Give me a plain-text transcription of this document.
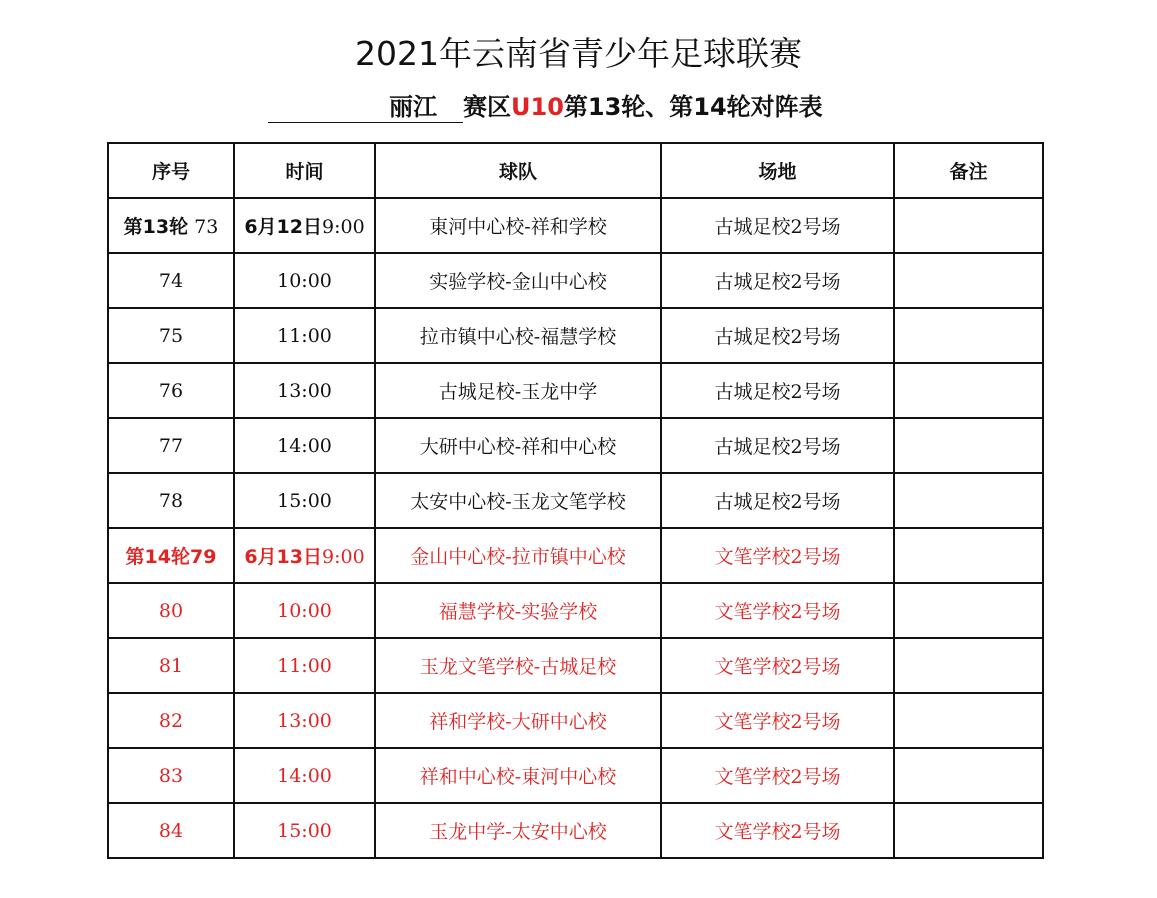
2021年云南省青少年足球联赛
丽江 赛区U10第13轮、第14轮对阵表
序号	时间	球队	场地	备注
第13轮 73	6月12日9:00	東河中心校-祥和学校	古城足校2号场	
74	10:00	实验学校-金山中心校	古城足校2号场	
75	11:00	拉市镇中心校-福慧学校	古城足校2号场	
76	13:00	古城足校-玉龙中学	古城足校2号场	
77	14:00	大研中心校-祥和中心校	古城足校2号场	
78	15:00	太安中心校-玉龙文笔学校	古城足校2号场	
第14轮79	6月13日9:00	金山中心校-拉市镇中心校	文笔学校2号场	
80	10:00	福慧学校-实验学校	文笔学校2号场	
81	11:00	玉龙文笔学校-古城足校	文笔学校2号场	
82	13:00	祥和学校-大研中心校	文笔学校2号场	
83	14:00	祥和中心校-東河中心校	文笔学校2号场	
84	15:00	玉龙中学-太安中心校	文笔学校2号场	
